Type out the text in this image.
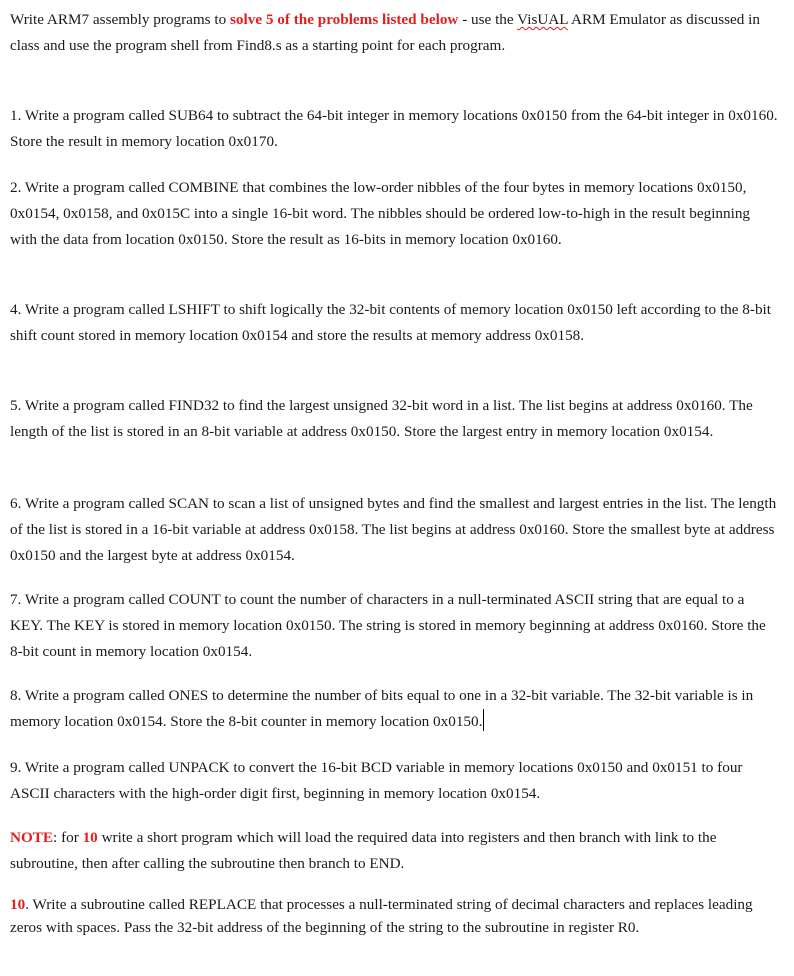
Write ARM7 assembly programs to solve 5 of the problems listed below - use the VisUAL ARM Emulator as discussed in class and use the program shell from Find8.s as a starting point for each program.

1. Write a program called SUB64 to subtract the 64-bit integer in memory locations 0x0150 from the 64-bit integer in 0x0160. Store the result in memory location 0x0170.

2. Write a program called COMBINE that combines the low-order nibbles of the four bytes in memory locations 0x0150, 0x0154, 0x0158, and 0x015C into a single 16-bit word. The nibbles should be ordered low-to-high in the result beginning with the data from location 0x0150. Store the result as 16-bits in memory location 0x0160.

4. Write a program called LSHIFT to shift logically the 32-bit contents of memory location 0x0150 left according to the 8-bit shift count stored in memory location 0x0154 and store the results at memory address 0x0158.

5. Write a program called FIND32 to find the largest unsigned 32-bit word in a list. The list begins at address 0x0160. The length of the list is stored in an 8-bit variable at address 0x0150. Store the largest entry in memory location 0x0154.

6. Write a program called SCAN to scan a list of unsigned bytes and find the smallest and largest entries in the list. The length of the list is stored in a 16-bit variable at address 0x0158. The list begins at address 0x0160. Store the smallest byte at address 0x0150 and the largest byte at address 0x0154.

7. Write a program called COUNT to count the number of characters in a null-terminated ASCII string that are equal to a KEY. The KEY is stored in memory location 0x0150. The string is stored in memory beginning at address 0x0160. Store the 8-bit count in memory location 0x0154.

8. Write a program called ONES to determine the number of bits equal to one in a 32-bit variable. The 32-bit variable is in memory location 0x0154. Store the 8-bit counter in memory location 0x0150.

9. Write a program called UNPACK to convert the 16-bit BCD variable in memory locations 0x0150 and 0x0151 to four ASCII characters with the high-order digit first, beginning in memory location 0x0154.

NOTE: for 10 write a short program which will load the required data into registers and then branch with link to the subroutine, then after calling the subroutine then branch to END.

10. Write a subroutine called REPLACE that processes a null-terminated string of decimal characters and replaces leading zeros with spaces. Pass the 32-bit address of the beginning of the string to the subroutine in register R0.
